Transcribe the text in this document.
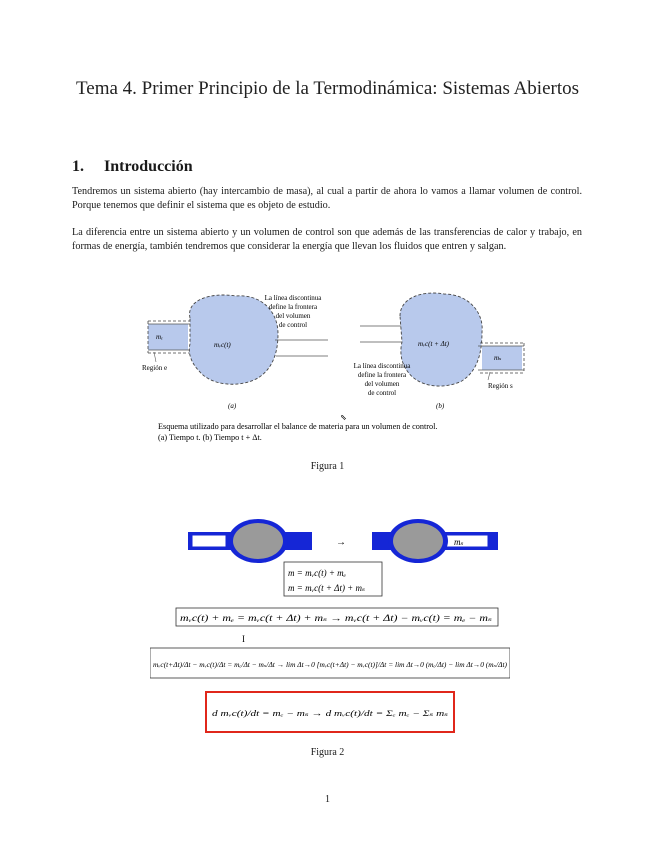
Tema 4. Primer Principio de la Termodinámica: Sistemas Abiertos
1. Introducción
Tendremos un sistema abierto (hay intercambio de masa), al cual a partir de ahora lo vamos a llamar volumen de control. Porque tenemos que definir el sistema que es objeto de estudio.
La diferencia entre un sistema abierto y un volumen de control son que además de las transferencias de calor y trabajo, en formas de energía, también tendremos que considerar la energía que llevan los fluidos que entren y salgan.
mₑ
mᵥc(t)
Región e
(a)
La línea discontinua
define la frontera
del volumen
de control
mᵥc(t + Δt)
mₛ
Región s
(b)
La línea discontinua
define la frontera
del volumen
de control
⇖
Esquema utilizado para desarrollar el balance de materia para un volumen de control.
(a) Tiempo t. (b) Tiempo t + Δt.
Figura 1
→	mₛ
m = mᵥc(t) + mₑ
m = mᵥc(t + Δt) + mₛ
mᵥc(t) + mₑ = mᵥc(t + Δt) + mₛ → mᵥc(t + Δt) − mᵥc(t) = mₑ − mₛ
I
mᵥc(t+Δt)/Δt − mᵥc(t)/Δt = mₑ/Δt − mₛ/Δt → lim Δt→0 [mᵥc(t+Δt) − mᵥc(t)]/Δt = lim Δt→0 (mₑ/Δt) − lim Δt→0 (mₛ/Δt)
d mᵥc(t)/dt = mₑ − mₛ → d mᵥc(t)/dt = Σₑ mₑ − Σₛ mₛ
Figura 2
1
